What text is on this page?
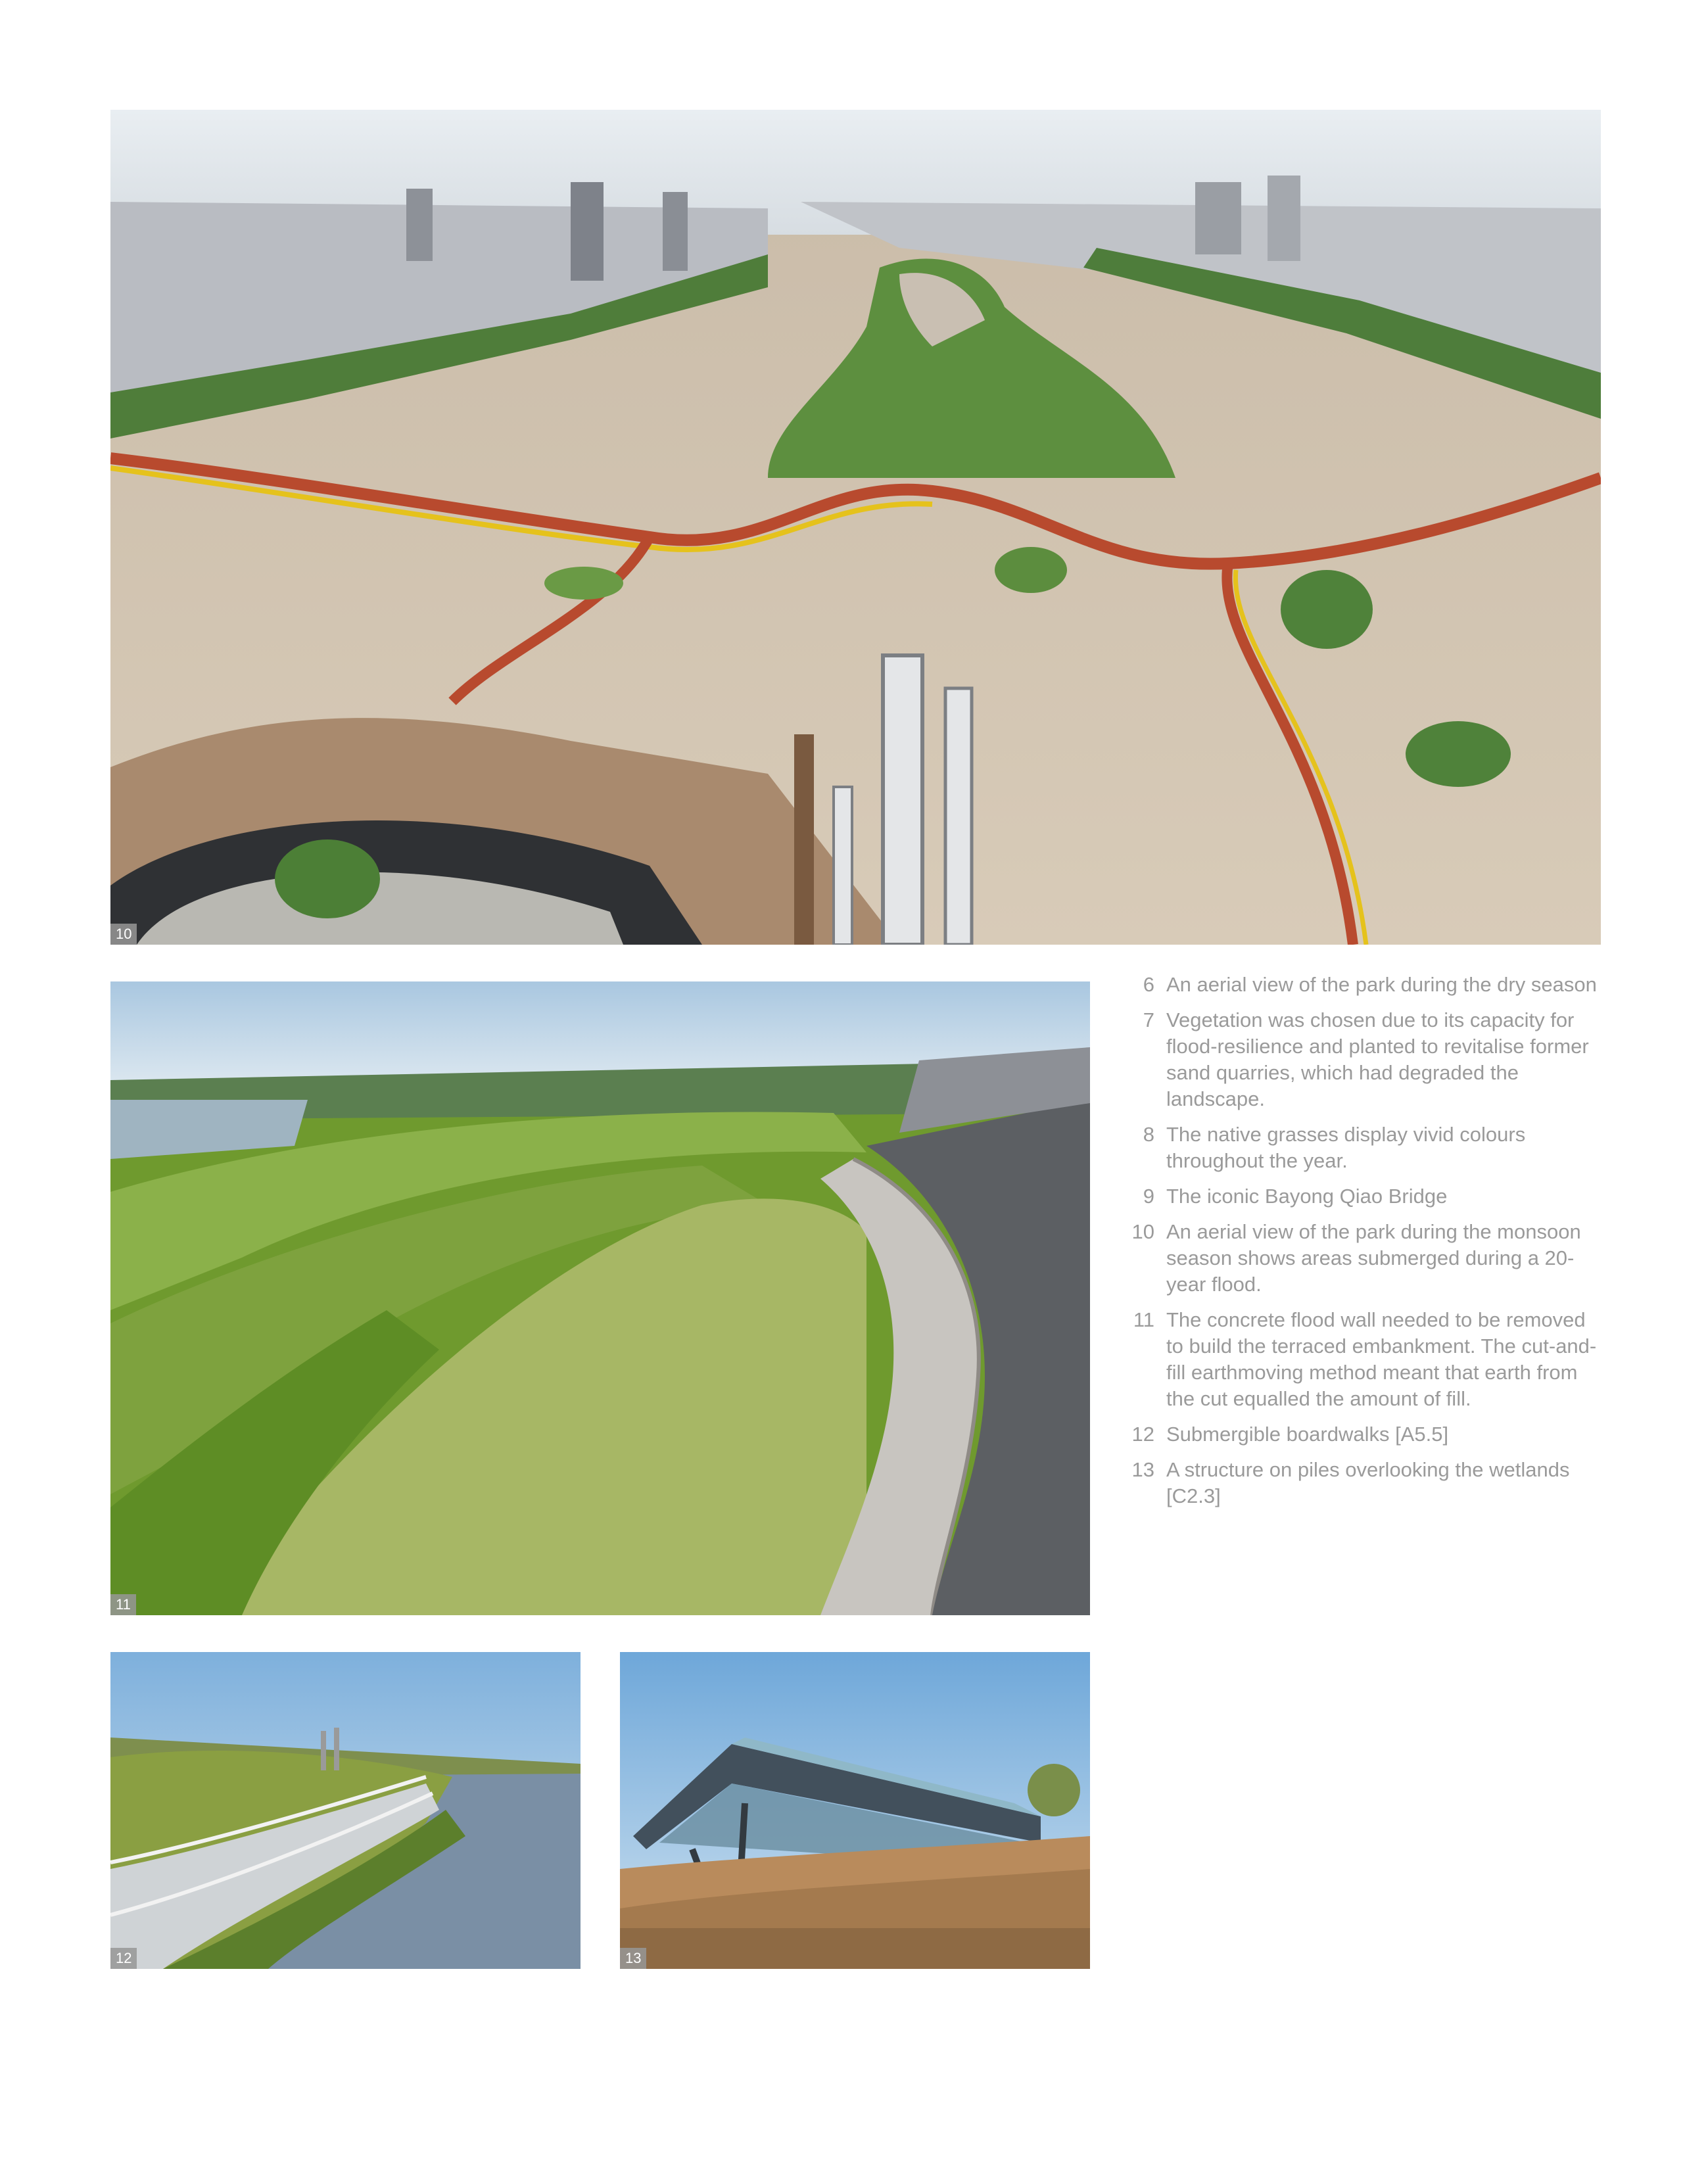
10
11
12	13
6 An aerial view of the park during the dry season
7 Vegetation was chosen due to its capacity for flood-resilience and planted to revitalise former sand quarries, which had degraded the landscape.
8 The native grasses display vivid colours throughout the year.
9 The iconic Bayong Qiao Bridge
10 An aerial view of the park during the monsoon season shows areas submerged during a 20-year flood.
11 The concrete flood wall needed to be removed to build the terraced embankment. The cut-and-fill earthmoving method meant that earth from the cut equalled the amount of fill.
12 Submergible boardwalks [A5.5]
13 A structure on piles overlooking the wetlands [C2.3]
